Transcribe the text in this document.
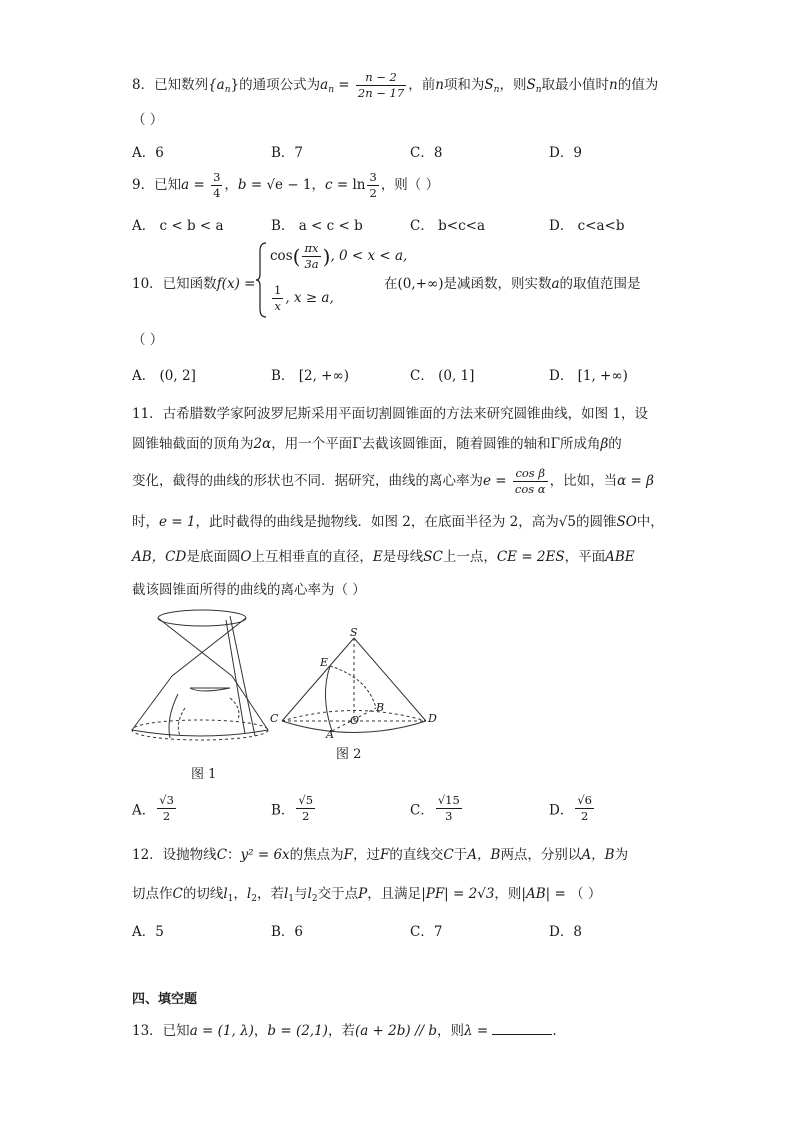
8．已知数列$\{a_n\}$的通项公式为$a_n = \frac{n - 2}{2n - 17}$ ，前n项和为$S_n$，则$S_n$取最小值时n的值为
（ ）
A．6	B．7	C．8	D．9
9．已知$a = \frac{3}{4}$ ，b = √e − 1，$c = \ln \frac{3}{2}$ ，则（ ）
A． c < b < a	B． a < c < b	C． b<c<a	D． c<a<b
10．已知函数f(x) =
$\cos( \frac{\pi x}{3a}$ ), 0 < x < a,
$\frac{1}{x}$ , x ≥ a,
在(0,+∞)是减函数，则实数a的取值范围是
（ ）
A． (0, 2]	B． [2, +∞)	C． (0, 1]	D． [1, +∞)
11．古希腊数学家阿波罗尼斯采用平面切割圆锥面的方法来研究圆锥曲线，如图 1，设
圆锥轴截面的顶角为2α，用一个平面Γ去截该圆锥面，随着圆锥的轴和Γ所成角β的
变化，截得的曲线的形状也不同．据研究，曲线的离心率为$e = \frac{\text{cos β}}{\text{cos α}}$ ，比如，当α = β
时，e = 1，此时截得的曲线是抛物线．如图 2，在底面半径为 2，高为√5的圆锥SO中，
AB，CD是底面圆O上互相垂直的直径，E是母线SC上一点，CE = 2ES，平面ABE
截该圆锥面所得的曲线的离心率为（ ）
图 1
S
E
B
C	O	D
A
图 2
A． $\frac{√3}{2}$	B． $\frac{√5}{2}$	C． $\frac{√15}{3}$	D． $\frac{√6}{2}$
12．设抛物线C：y² = 6x的焦点为F，过F的直线交C于A，B两点，分别以A，B为
切点作C的切线$l_1$，$l_2$，若$l_1$与$l_2$交于点P，且满足|PF| = 2√3，则|AB| = （ ）
A．5	B．6	C．7	D．8
四、填空题
13．已知a = (1, λ)，b = (2,1)，若(a + 2b) // b，则λ =	．
